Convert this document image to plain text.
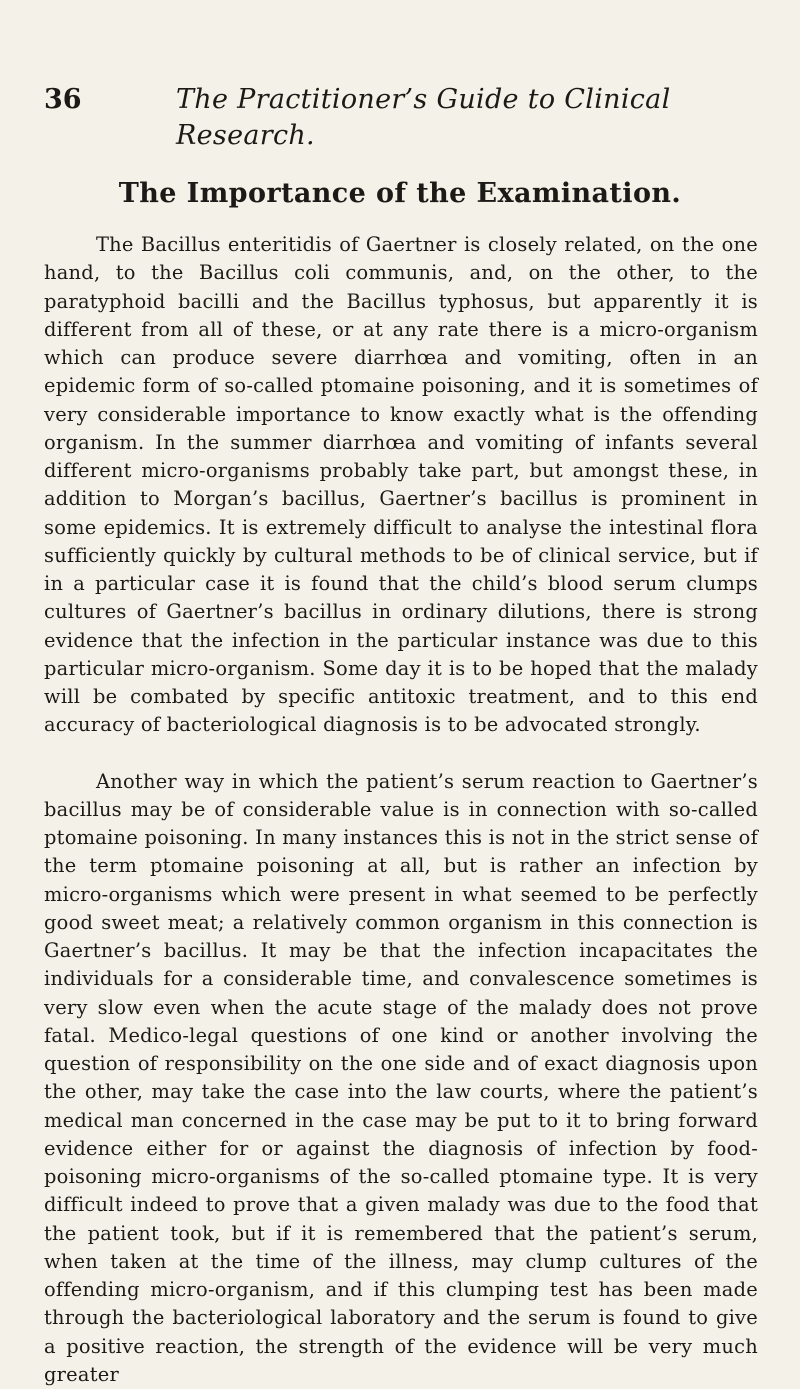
36	The Practitioner’s Guide to Clinical Research.
The Importance of the Examination.

The Bacillus enteritidis of Gaertner is closely related, on the one hand, to the Bacillus coli communis, and, on the other, to the paratyphoid bacilli and the Bacillus typhosus, but apparently it is different from all of these, or at any rate there is a micro-organism which can produce severe diarrhœa and vomiting, often in an epidemic form of so-called ptomaine poisoning, and it is sometimes of very considerable importance to know exactly what is the offending organism. In the summer diarrhœa and vomiting of infants several different micro-organisms probably take part, but amongst these, in addition to Morgan’s bacillus, Gaertner’s bacillus is prominent in some epidemics. It is extremely difficult to analyse the intestinal flora sufficiently quickly by cultural methods to be of clinical service, but if in a particular case it is found that the child’s blood serum clumps cultures of Gaertner’s bacillus in ordinary dilutions, there is strong evidence that the infection in the particular instance was due to this particular micro-organism. Some day it is to be hoped that the malady will be combated by specific antitoxic treatment, and to this end accuracy of bacteriological diagnosis is to be advocated strongly.

Another way in which the patient’s serum reaction to Gaertner’s bacillus may be of considerable value is in connection with so-called ptomaine poisoning. In many instances this is not in the strict sense of the term ptomaine poisoning at all, but is rather an infection by micro-organisms which were present in what seemed to be perfectly good sweet meat; a relatively common organism in this connection is Gaertner’s bacillus. It may be that the infection incapacitates the individuals for a considerable time, and convalescence sometimes is very slow even when the acute stage of the malady does not prove fatal. Medico-legal questions of one kind or another involving the question of responsibility on the one side and of exact diagnosis upon the other, may take the case into the law courts, where the patient’s medical man concerned in the case may be put to it to bring forward evidence either for or against the diagnosis of infection by food-poisoning micro-organisms of the so-called ptomaine type. It is very difficult indeed to prove that a given malady was due to the food that the patient took, but if it is remembered that the patient’s serum, when taken at the time of the illness, may clump cultures of the offending micro-organism, and if this clumping test has been made through the bacteriological laboratory and the serum is found to give a positive reaction, the strength of the evidence will be very much greater
